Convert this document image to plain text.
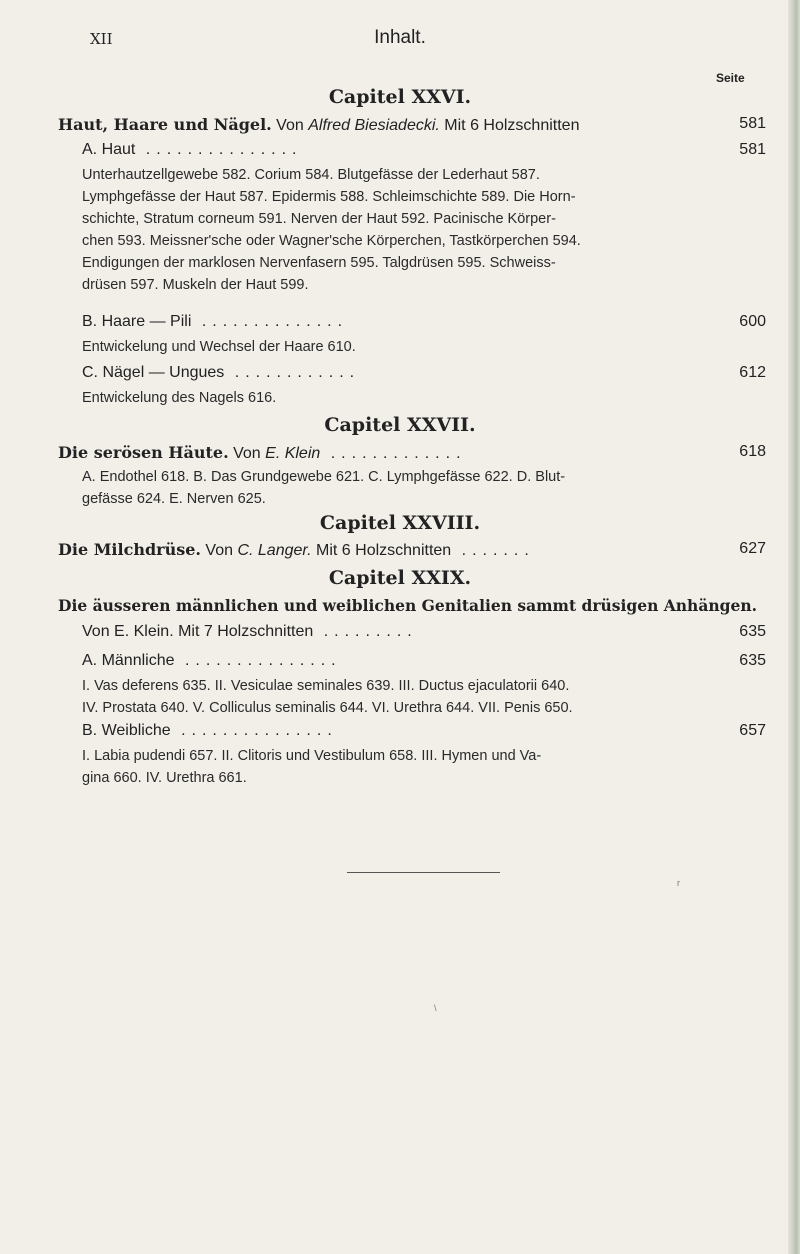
XII	Inhalt.
Seite
Capitel XXVI.
Haut, Haare und Nägel. Von Alfred Biesiadecki. Mit 6 Holzschnitten	581
A. Haut ...............	581
Unterhautzellgewebe 582. Corium 584. Blutgefässe der Lederhaut 587.
Lymphgefässe der Haut 587. Epidermis 588. Schleimschichte 589. Die Horn-
schichte, Stratum corneum 591. Nerven der Haut 592. Pacinische Körper-
chen 593. Meissner'sche oder Wagner'sche Körperchen, Tastkörperchen 594.
Endigungen der marklosen Nervenfasern 595. Talgdrüsen 595. Schweiss-
drüsen 597. Muskeln der Haut 599.
B. Haare — Pili ..............	600
Entwickelung und Wechsel der Haare 610.
C. Nägel — Ungues ............	612
Entwickelung des Nagels 616.
Capitel XXVII.
Die serösen Häute. Von E. Klein .............	618
A. Endothel 618. B. Das Grundgewebe 621. C. Lymphgefässe 622. D. Blut-
gefässe 624. E. Nerven 625.
Capitel XXVIII.
Die Milchdrüse. Von C. Langer. Mit 6 Holzschnitten .......	627
Capitel XXIX.
Die äusseren männlichen und weiblichen Genitalien sammt drüsigen Anhängen.
Von E. Klein. Mit 7 Holzschnitten .........	635
A. Männliche ...............	635
I. Vas deferens 635. II. Vesiculae seminales 639. III. Ductus ejaculatorii 640.
IV. Prostata 640. V. Colliculus seminalis 644. VI. Urethra 644. VII. Penis 650.
B. Weibliche ...............	657
I. Labia pudendi 657. II. Clitoris und Vestibulum 658. III. Hymen und Va-
gina 660. IV. Urethra 661.
r
\
